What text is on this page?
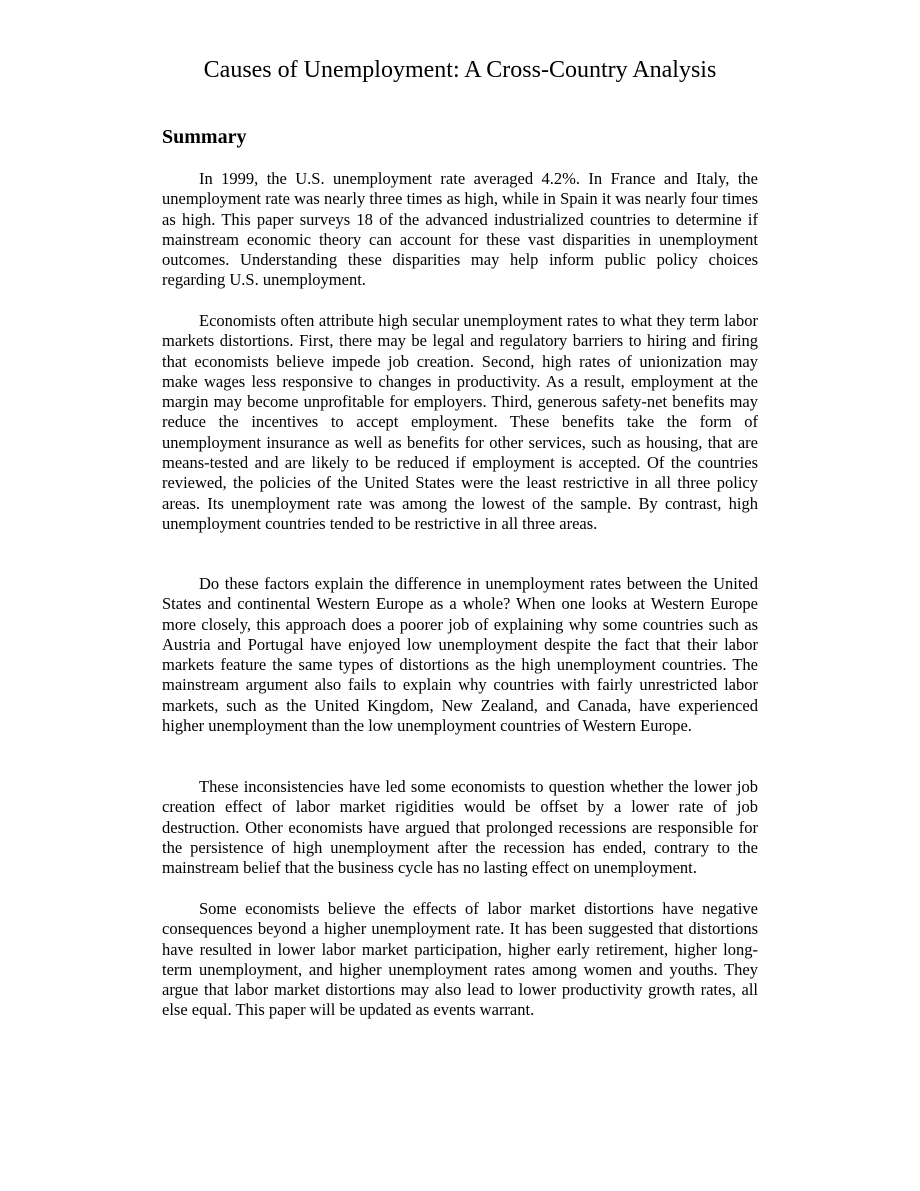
Causes of Unemployment: A Cross-Country Analysis
Summary

In 1999, the U.S. unemployment rate averaged 4.2%. In France and Italy, the unemployment rate was nearly three times as high, while in Spain it was nearly four times as high. This paper surveys 18 of the advanced industrialized countries to determine if mainstream economic theory can account for these vast disparities in unemployment outcomes. Understanding these disparities may help inform public policy choices regarding U.S. unemployment.

Economists often attribute high secular unemployment rates to what they term labor markets distortions. First, there may be legal and regulatory barriers to hiring and firing that economists believe impede job creation. Second, high rates of unionization may make wages less responsive to changes in productivity. As a result, employment at the margin may become unprofitable for employers. Third, generous safety-net benefits may reduce the incentives to accept employment. These benefits take the form of unemployment insurance as well as benefits for other services, such as housing, that are means-tested and are likely to be reduced if employment is accepted. Of the countries reviewed, the policies of the United States were the least restrictive in all three policy areas. Its unemployment rate was among the lowest of the sample. By contrast, high unemployment countries tended to be restrictive in all three areas.

Do these factors explain the difference in unemployment rates between the United States and continental Western Europe as a whole? When one looks at Western Europe more closely, this approach does a poorer job of explaining why some countries such as Austria and Portugal have enjoyed low unemployment despite the fact that their labor markets feature the same types of distortions as the high unemployment countries. The mainstream argument also fails to explain why countries with fairly unrestricted labor markets, such as the United Kingdom, New Zealand, and Canada, have experienced higher unemployment than the low unemployment countries of Western Europe.

These inconsistencies have led some economists to question whether the lower job creation effect of labor market rigidities would be offset by a lower rate of job destruction. Other economists have argued that prolonged recessions are responsible for the persistence of high unemployment after the recession has ended, contrary to the mainstream belief that the business cycle has no lasting effect on unemployment.

Some economists believe the effects of labor market distortions have negative consequences beyond a higher unemployment rate. It has been suggested that distortions have resulted in lower labor market participation, higher early retirement, higher long-term unemployment, and higher unemployment rates among women and youths. They argue that labor market distortions may also lead to lower productivity growth rates, all else equal. This paper will be updated as events warrant.
